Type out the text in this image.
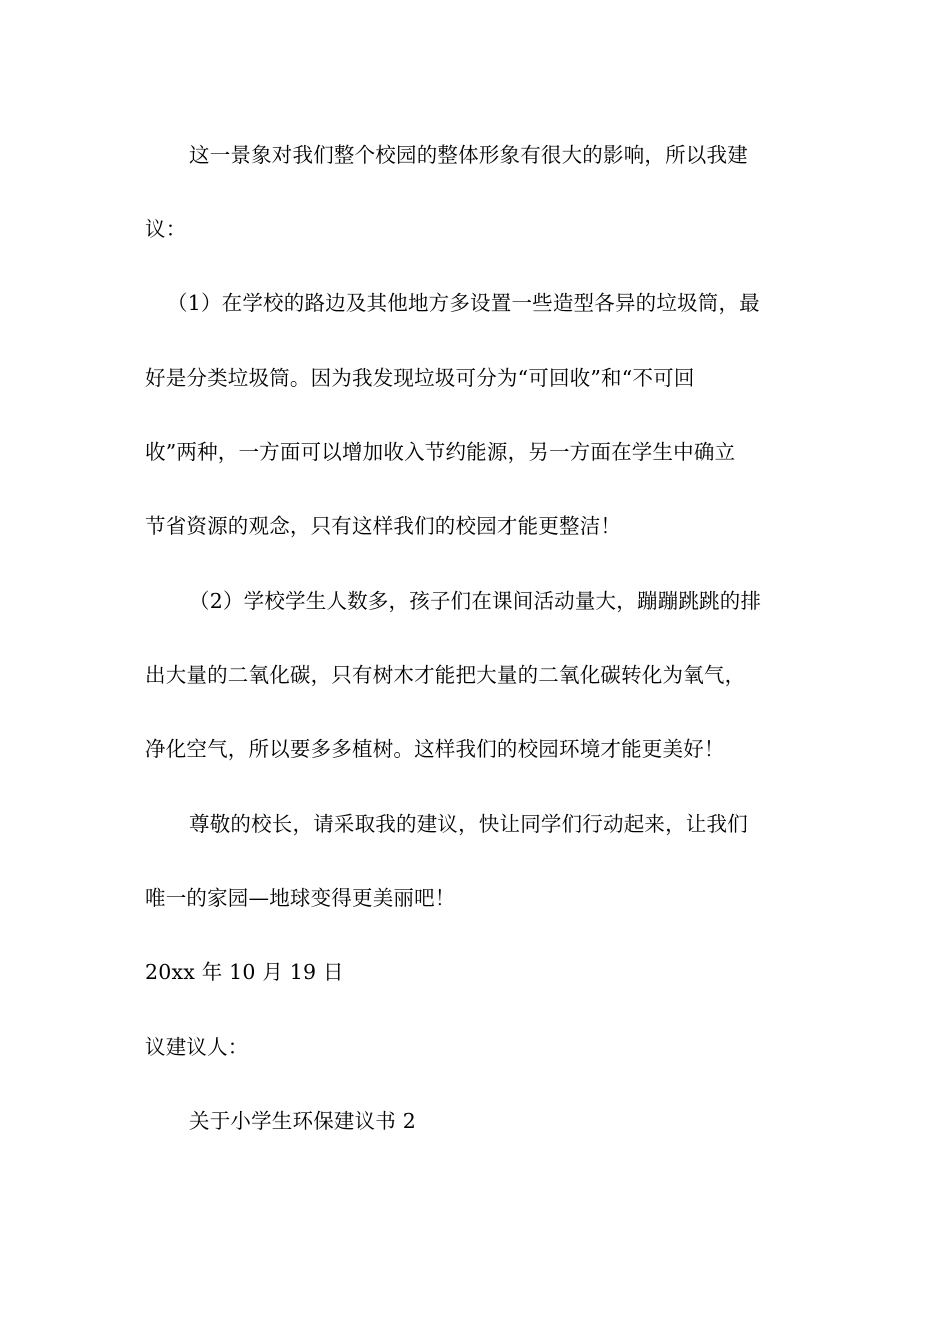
这一景象对我们整个校园的整体形象有很大的影响，所以我建
议：
（1）在学校的路边及其他地方多设置一些造型各异的垃圾筒，最
好是分类垃圾筒。因为我发现垃圾可分为“可回收”和“不可回
收”两种，一方面可以增加收入节约能源，另一方面在学生中确立
节省资源的观念，只有这样我们的校园才能更整洁！
（2）学校学生人数多，孩子们在课间活动量大，蹦蹦跳跳的排
出大量的二氧化碳，只有树木才能把大量的二氧化碳转化为氧气，
净化空气，所以要多多植树。这样我们的校园环境才能更美好！
尊敬的校长，请采取我的建议，快让同学们行动起来，让我们
唯一的家园—地球变得更美丽吧！
20xx 年 10 月 19 日
议建议人：
关于小学生环保建议书 2
